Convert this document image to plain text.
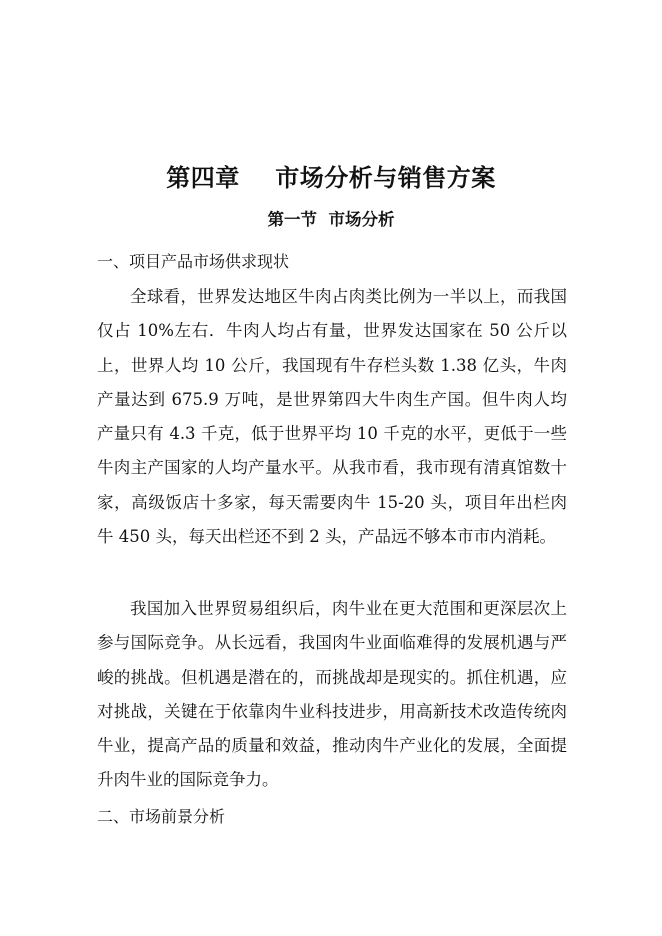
第四章    市场分析与销售方案
第一节  市场分析
一、项目产品市场供求现状

全球看，世界发达地区牛肉占肉类比例为一半以上，而我国仅占 10%左右．牛肉人均占有量，世界发达国家在 50 公斤以上，世界人均 10 公斤，我国现有牛存栏头数 1.38 亿头，牛肉产量达到 675.9 万吨，是世界第四大牛肉生产国。但牛肉人均产量只有 4.3 千克，低于世界平均 10 千克的水平，更低于一些牛肉主产国家的人均产量水平。从我市看，我市现有清真馆数十家，高级饭店十多家，每天需要肉牛 15-20 头，项目年出栏肉牛 450 头，每天出栏还不到 2 头，产品远不够本市市内消耗。

我国加入世界贸易组织后，肉牛业在更大范围和更深层次上参与国际竞争。从长远看，我国肉牛业面临难得的发展机遇与严峻的挑战。但机遇是潜在的，而挑战却是现实的。抓住机遇，应对挑战，关键在于依靠肉牛业科技进步，用高新技术改造传统肉牛业，提高产品的质量和效益，推动肉牛产业化的发展，全面提升肉牛业的国际竞争力。

二、市场前景分析
